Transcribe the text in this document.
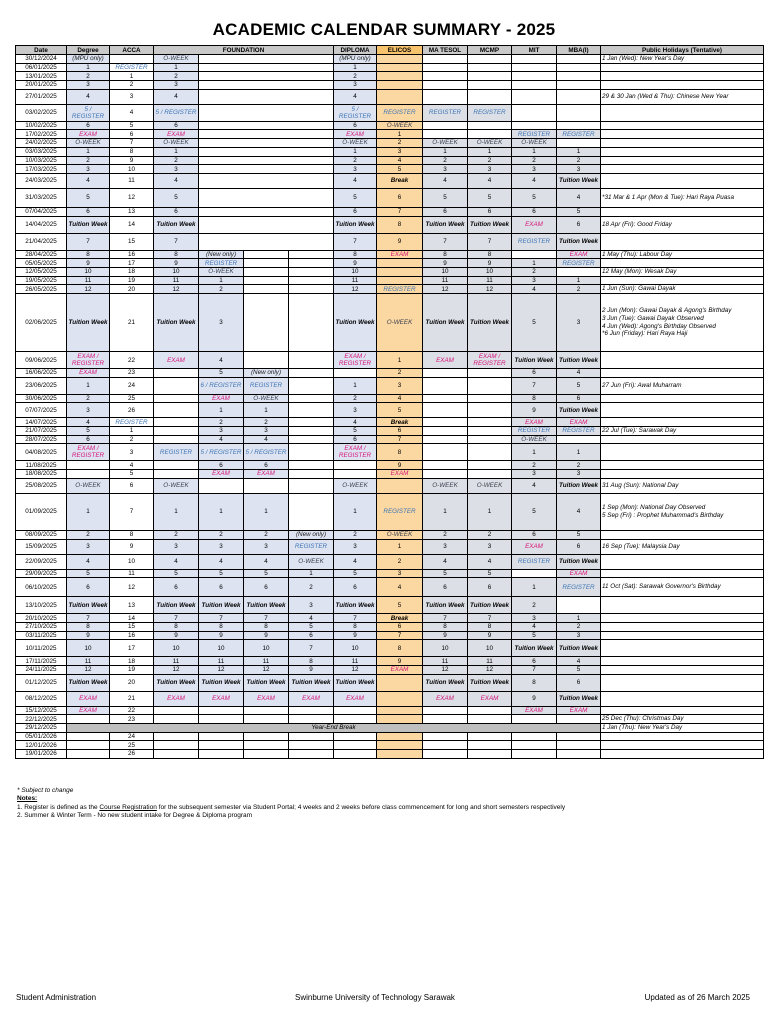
ACADEMIC CALENDAR SUMMARY - 2025
Date	Degree	ACCA	FOUNDATION				DIPLOMA	ELICOS	MA TESOL	MCMP	MIT	MBA(I)	Public Holidays (Tentative)
30/12/2024	(MPU only)		O-WEEK				(MPU only)						1 Jan (Wed): New Year's Day
06/01/2025	1	REGISTER	1				1						
13/01/2025	2	1	2				2						
20/01/2025	3	2	3				3						
27/01/2025	4	3	4				4						29 & 30 Jan (Wed & Thu): Chinese New Year
03/02/2025	5 / REGISTER	4	5 / REGISTER				5 / REGISTER	REGISTER	REGISTER	REGISTER			
10/02/2025	6	5	6				6	O-WEEK					
17/02/2025	EXAM	6	EXAM				EXAM	1			REGISTER	REGISTER	
24/02/2025	O-WEEK	7	O-WEEK				O-WEEK	2	O-WEEK	O-WEEK	O-WEEK		
03/03/2025	1	8	1				1	3	1	1	1	1	
10/03/2025	2	9	2				2	4	2	2	2	2	
17/03/2025	3	10	3				3	5	3	3	3	3	
24/03/2025	4	11	4				4	Break	4	4	4	Tuition Week	
31/03/2025	5	12	5				5	6	5	5	5	4	*31 Mar & 1 Apr (Mon & Tue): Hari Raya Puasa
07/04/2025	6	13	6				6	7	6	6	6	5	
14/04/2025	Tuition Week	14	Tuition Week				Tuition Week	8	Tuition Week	Tuition Week	EXAM	6	18 Apr (Fri): Good Friday
21/04/2025	7	15	7				7	9	7	7	REGISTER	Tuition Week	
28/04/2025	8	16	8	(New only)			8	EXAM	8	8		EXAM	1 May (Thu): Labour Day
05/05/2025	9	17	9	REGISTER			9		9	9	1	REGISTER	
12/05/2025	10	18	10	O-WEEK			10		10	10	2		12 May (Mon): Wesak Day
19/05/2025	11	19	11	1			11		11	11	3	1	
26/05/2025	12	20	12	2			12	REGISTER	12	12	4	2	1 Jun (Sun): Gawai Dayak
02/06/2025	Tuition Week	21	Tuition Week	3			Tuition Week	O-WEEK	Tuition Week	Tuition Week	5	3	2 Jun (Mon): Gawai Dayak & Agong's Birthday
3 Jun (Tue): Gawai Dayak Observed
4 Jun (Wed): Agong's Birthday Observed
*6 Jun (Friday): Hari Raya Haji
09/06/2025	EXAM / REGISTER	22	EXAM	4			EXAM / REGISTER	1	EXAM	EXAM / REGISTER	Tuition Week	Tuition Week	
16/06/2025	EXAM	23		5	(New only)			2			6	4	
23/06/2025	1	24		6 / REGISTER	REGISTER		1	3			7	5	27 Jun (Fri): Awal Muharram
30/06/2025	2	25		EXAM	O-WEEK		2	4			8	6	
07/07/2025	3	26		1	1		3	5			9	Tuition Week	
14/07/2025	4	REGISTER		2	2		4	Break			EXAM	EXAM	
21/07/2025	5	1		3	3		5	6			REGISTER	REGISTER	22 Jul (Tue): Sarawak Day
28/07/2025	6	2		4	4		6	7			O-WEEK		
04/08/2025	EXAM / REGISTER	3	REGISTER	5 / REGISTER	5 / REGISTER		EXAM / REGISTER	8			1	1	
11/08/2025		4		6	6			9			2	2	
18/08/2025		5		EXAM	EXAM			EXAM			3	3	
25/08/2025	O-WEEK	6	O-WEEK				O-WEEK		O-WEEK	O-WEEK	4	Tuition Week	31 Aug (Sun): National Day
01/09/2025	1	7	1	1	1		1	REGISTER	1	1	5	4	1 Sep (Mon): National Day Observed
5 Sep (Fri) : Prophet Muhammad's Birthday
08/09/2025	2	8	2	2	2	(New only)	2	O-WEEK	2	2	6	5	
15/09/2025	3	9	3	3	3	REGISTER	3	1	3	3	EXAM	6	16 Sep (Tue): Malaysia Day
22/09/2025	4	10	4	4	4	O-WEEK	4	2	4	4	REGISTER	Tuition Week	
29/09/2025	5	11	5	5	5	1	5	3	5	5		EXAM	
06/10/2025	6	12	6	6	6	2	6	4	6	6	1	REGISTER	11 Oct (Sat): Sarawak Governor's Birthday
13/10/2025	Tuition Week	13	Tuition Week	Tuition Week	Tuition Week	3	Tuition Week	5	Tuition Week	Tuition Week	2		
20/10/2025	7	14	7	7	7	4	7	Break	7	7	3	1	
27/10/2025	8	15	8	8	8	5	8	6	8	8	4	2	
03/11/2025	9	16	9	9	9	6	9	7	9	9	5	3	
10/11/2025	10	17	10	10	10	7	10	8	10	10	Tuition Week	Tuition Week	
17/11/2025	11	18	11	11	11	8	11	9	11	11	6	4	
24/11/2025	12	19	12	12	12	9	12	EXAM	12	12	7	5	
01/12/2025	Tuition Week	20	Tuition Week	Tuition Week	Tuition Week	Tuition Week	Tuition Week		Tuition Week	Tuition Week	8	6	
08/12/2025	EXAM	21	EXAM	EXAM	EXAM	EXAM	EXAM		EXAM	EXAM	9	Tuition Week	
15/12/2025	EXAM	22									EXAM	EXAM	
22/12/2025		23											25 Dec (Thu): Christmas Day
29/12/2025	Year-End Break												1 Jan (Thu): New Year's Day
05/01/2026		24											
12/01/2026		25											
19/01/2026		26											
* Subject to change
Notes:
1. Register is defined as the Course Registration for the subsequent semester via Student Portal; 4 weeks and 2 weeks before class commencement for long and short semesters respectively
2. Summer & Winter Term - No new student intake for Degree & Diploma program
Student Administration	Swinburne University of Technology Sarawak	Updated as of 26 March 2025
